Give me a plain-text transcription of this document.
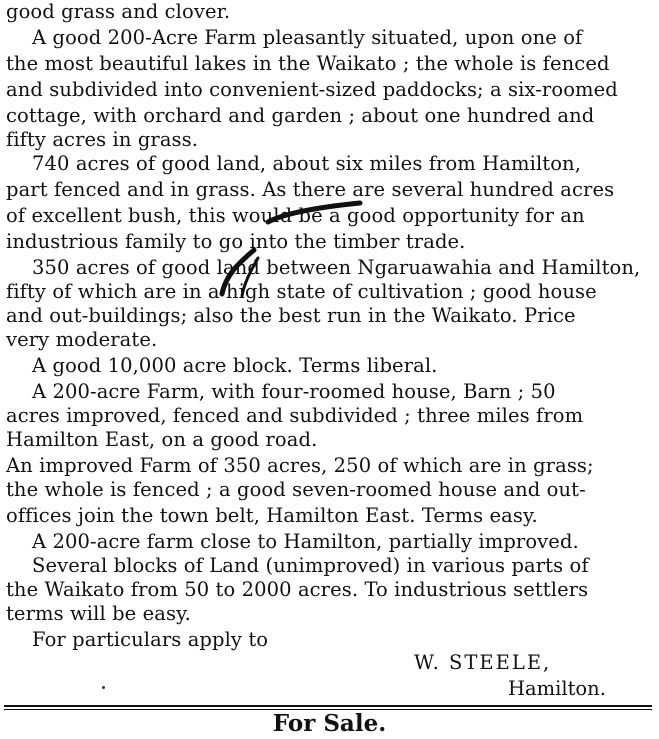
good grass and clover.
A good 200-Acre Farm pleasantly situated, upon one of
the most beautiful lakes in the Waikato ; the whole is fenced
and subdivided into convenient-sized paddocks; a six-roomed
cottage, with orchard and garden ; about one hundred and
fifty acres in grass.
740 acres of good land, about six miles from Hamilton,
part fenced and in grass. As there are several hundred acres
of excellent bush, this would be a good opportunity for an
industrious family to go into the timber trade.
350 acres of good land between Ngaruawahia and Hamilton,
fifty of which are in a high state of cultivation ; good house
and out-buildings; also the best run in the Waikato. Price
very moderate.
A good 10,000 acre block. Terms liberal.
A 200-acre Farm, with four-roomed house, Barn ; 50
acres improved, fenced and subdivided ; three miles from
Hamilton East, on a good road.
An improved Farm of 350 acres, 250 of which are in grass;
the whole is fenced ; a good seven-roomed house and out-
offices join the town belt, Hamilton East. Terms easy.
A 200-acre farm close to Hamilton, partially improved.
Several blocks of Land (unimproved) in various parts of
the Waikato from 50 to 2000 acres. To industrious settlers
terms will be easy.
For particulars apply to
W. STEELE,
Hamilton.
For Sale.
